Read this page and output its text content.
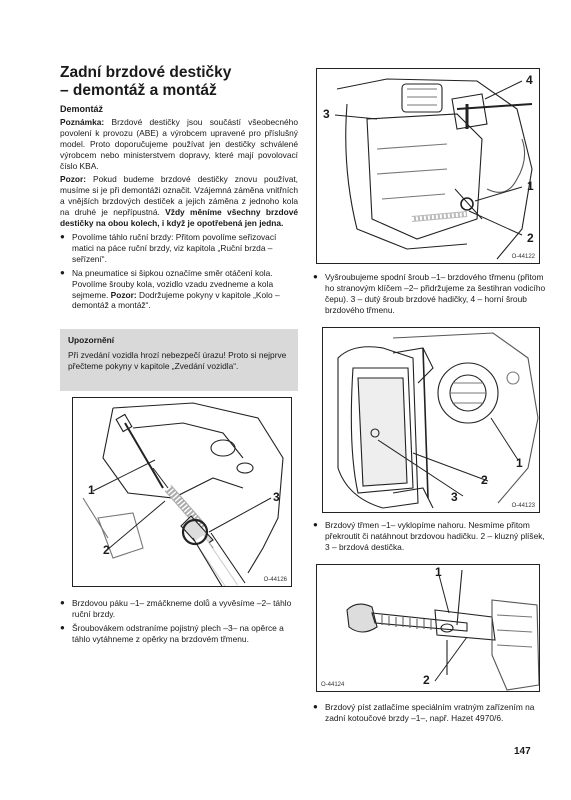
Zadní brzdové destičky
– demontáž a montáž
Demontáž
Poznámka: Brzdové destičky jsou součástí všeobecného povolení k provozu (ABE) a výrobcem upravené pro příslušný model. Proto doporučujeme používat jen destičky schválené výrobcem nebo ministerstvem dopravy, které mají povolovací číslo KBA.
Pozor: Pokud budeme brzdové destičky znovu používat, musíme si je při demontáži označit. Vzájemná záměna vnitřních a vnějších brzdových destiček a jejich záměna z jednoho kola na druhé je nepřípustná. Vždy měníme všechny brzdové destičky na obou kolech, i když je opotřebená jen jedna.
● Povolíme táhlo ruční brzdy: Přitom povolíme seřizovací matici na páce ruční brzdy, viz kapitola „Ruční brzda – seřízení“.
● Na pneumatice si šipkou označíme směr otáčení kola. Povolíme šrouby kola, vozidlo vzadu zvedneme a kola sejmeme. Pozor: Dodržujeme pokyny v kapitole „Kolo – demontáž a montáž“.
Upozornění
Při zvedání vozidla hrozí nebezpečí úrazu! Proto si nejprve přečteme pokyny v kapitole „Zvedání vozidla“.
1
2
3
O-44126
● Brzdovou páku –1– zmáčkneme dolů a vyvěsíme –2– táhlo ruční brzdy.
● Šroubovákem odstraníme pojistný plech –3– na opěrce a táhlo vytáhneme z opěrky na brzdovém třmenu.
3
4
1
2
O-44122
● Vyšroubujeme spodní šroub –1– brzdového třmenu (přitom ho stranovým klíčem –2– přidržujeme za šestihran vodicího čepu). 3 – dutý šroub brzdové hadičky, 4 – horní šroub brzdového třmenu.
1
2
3
O-44123
● Brzdový třmen –1– vyklopíme nahoru. Nesmíme přitom překroutit či natáhnout brzdovou hadičku. 2 – kluzný plíšek, 3 – brzdová destička.
1
2
O-44124
● Brzdový píst zatlačíme speciálním vratným zařízením na zadní kotoučové brzdy –1–, např. Hazet 4970/6.
147
